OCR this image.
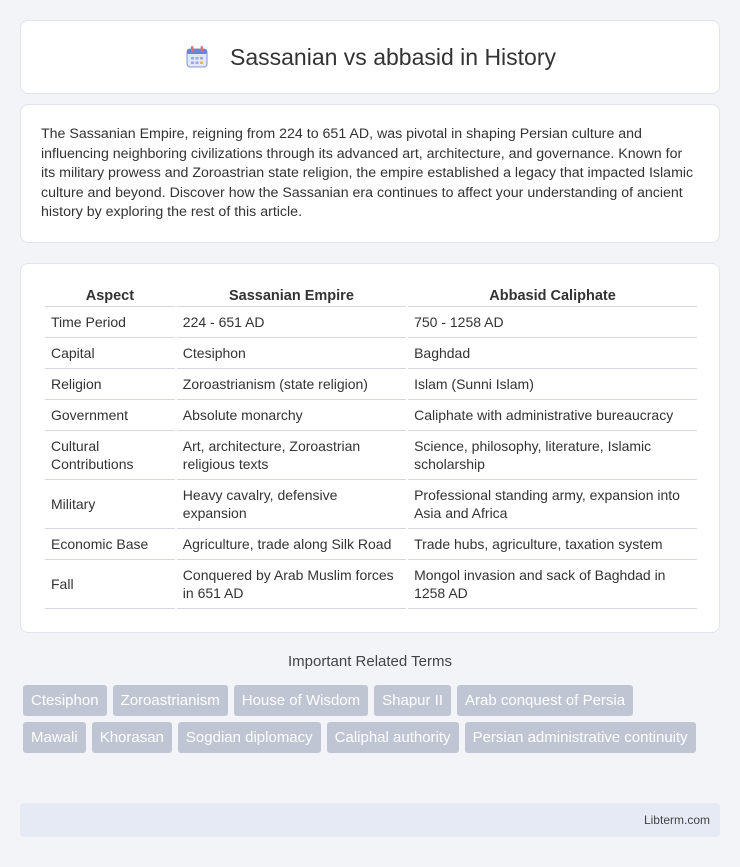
Sassanian vs abbasid in History

The Sassanian Empire, reigning from 224 to 651 AD, was pivotal in shaping Persian culture and influencing neighboring civilizations through its advanced art, architecture, and governance. Known for its military prowess and Zoroastrian state religion, the empire established a legacy that impacted Islamic culture and beyond. Discover how the Sassanian era continues to affect your understanding of ancient history by exploring the rest of this article.

Aspect	Sassanian Empire	Abbasid Caliphate
Time Period	224 - 651 AD	750 - 1258 AD
Capital	Ctesiphon	Baghdad
Religion	Zoroastrianism (state religion)	Islam (Sunni Islam)
Government	Absolute monarchy	Caliphate with administrative bureaucracy
Cultural Contributions	Art, architecture, Zoroastrian religious texts	Science, philosophy, literature, Islamic scholarship
Military	Heavy cavalry, defensive expansion	Professional standing army, expansion into Asia and Africa
Economic Base	Agriculture, trade along Silk Road	Trade hubs, agriculture, taxation system
Fall	Conquered by Arab Muslim forces in 651 AD	Mongol invasion and sack of Baghdad in 1258 AD
Important Related Terms
Ctesiphon	Zoroastrianism	House of Wisdom	Shapur II	Arab conquest of Persia
Mawali	Khorasan	Sogdian diplomacy	Caliphal authority	Persian administrative continuity
Libterm.com
